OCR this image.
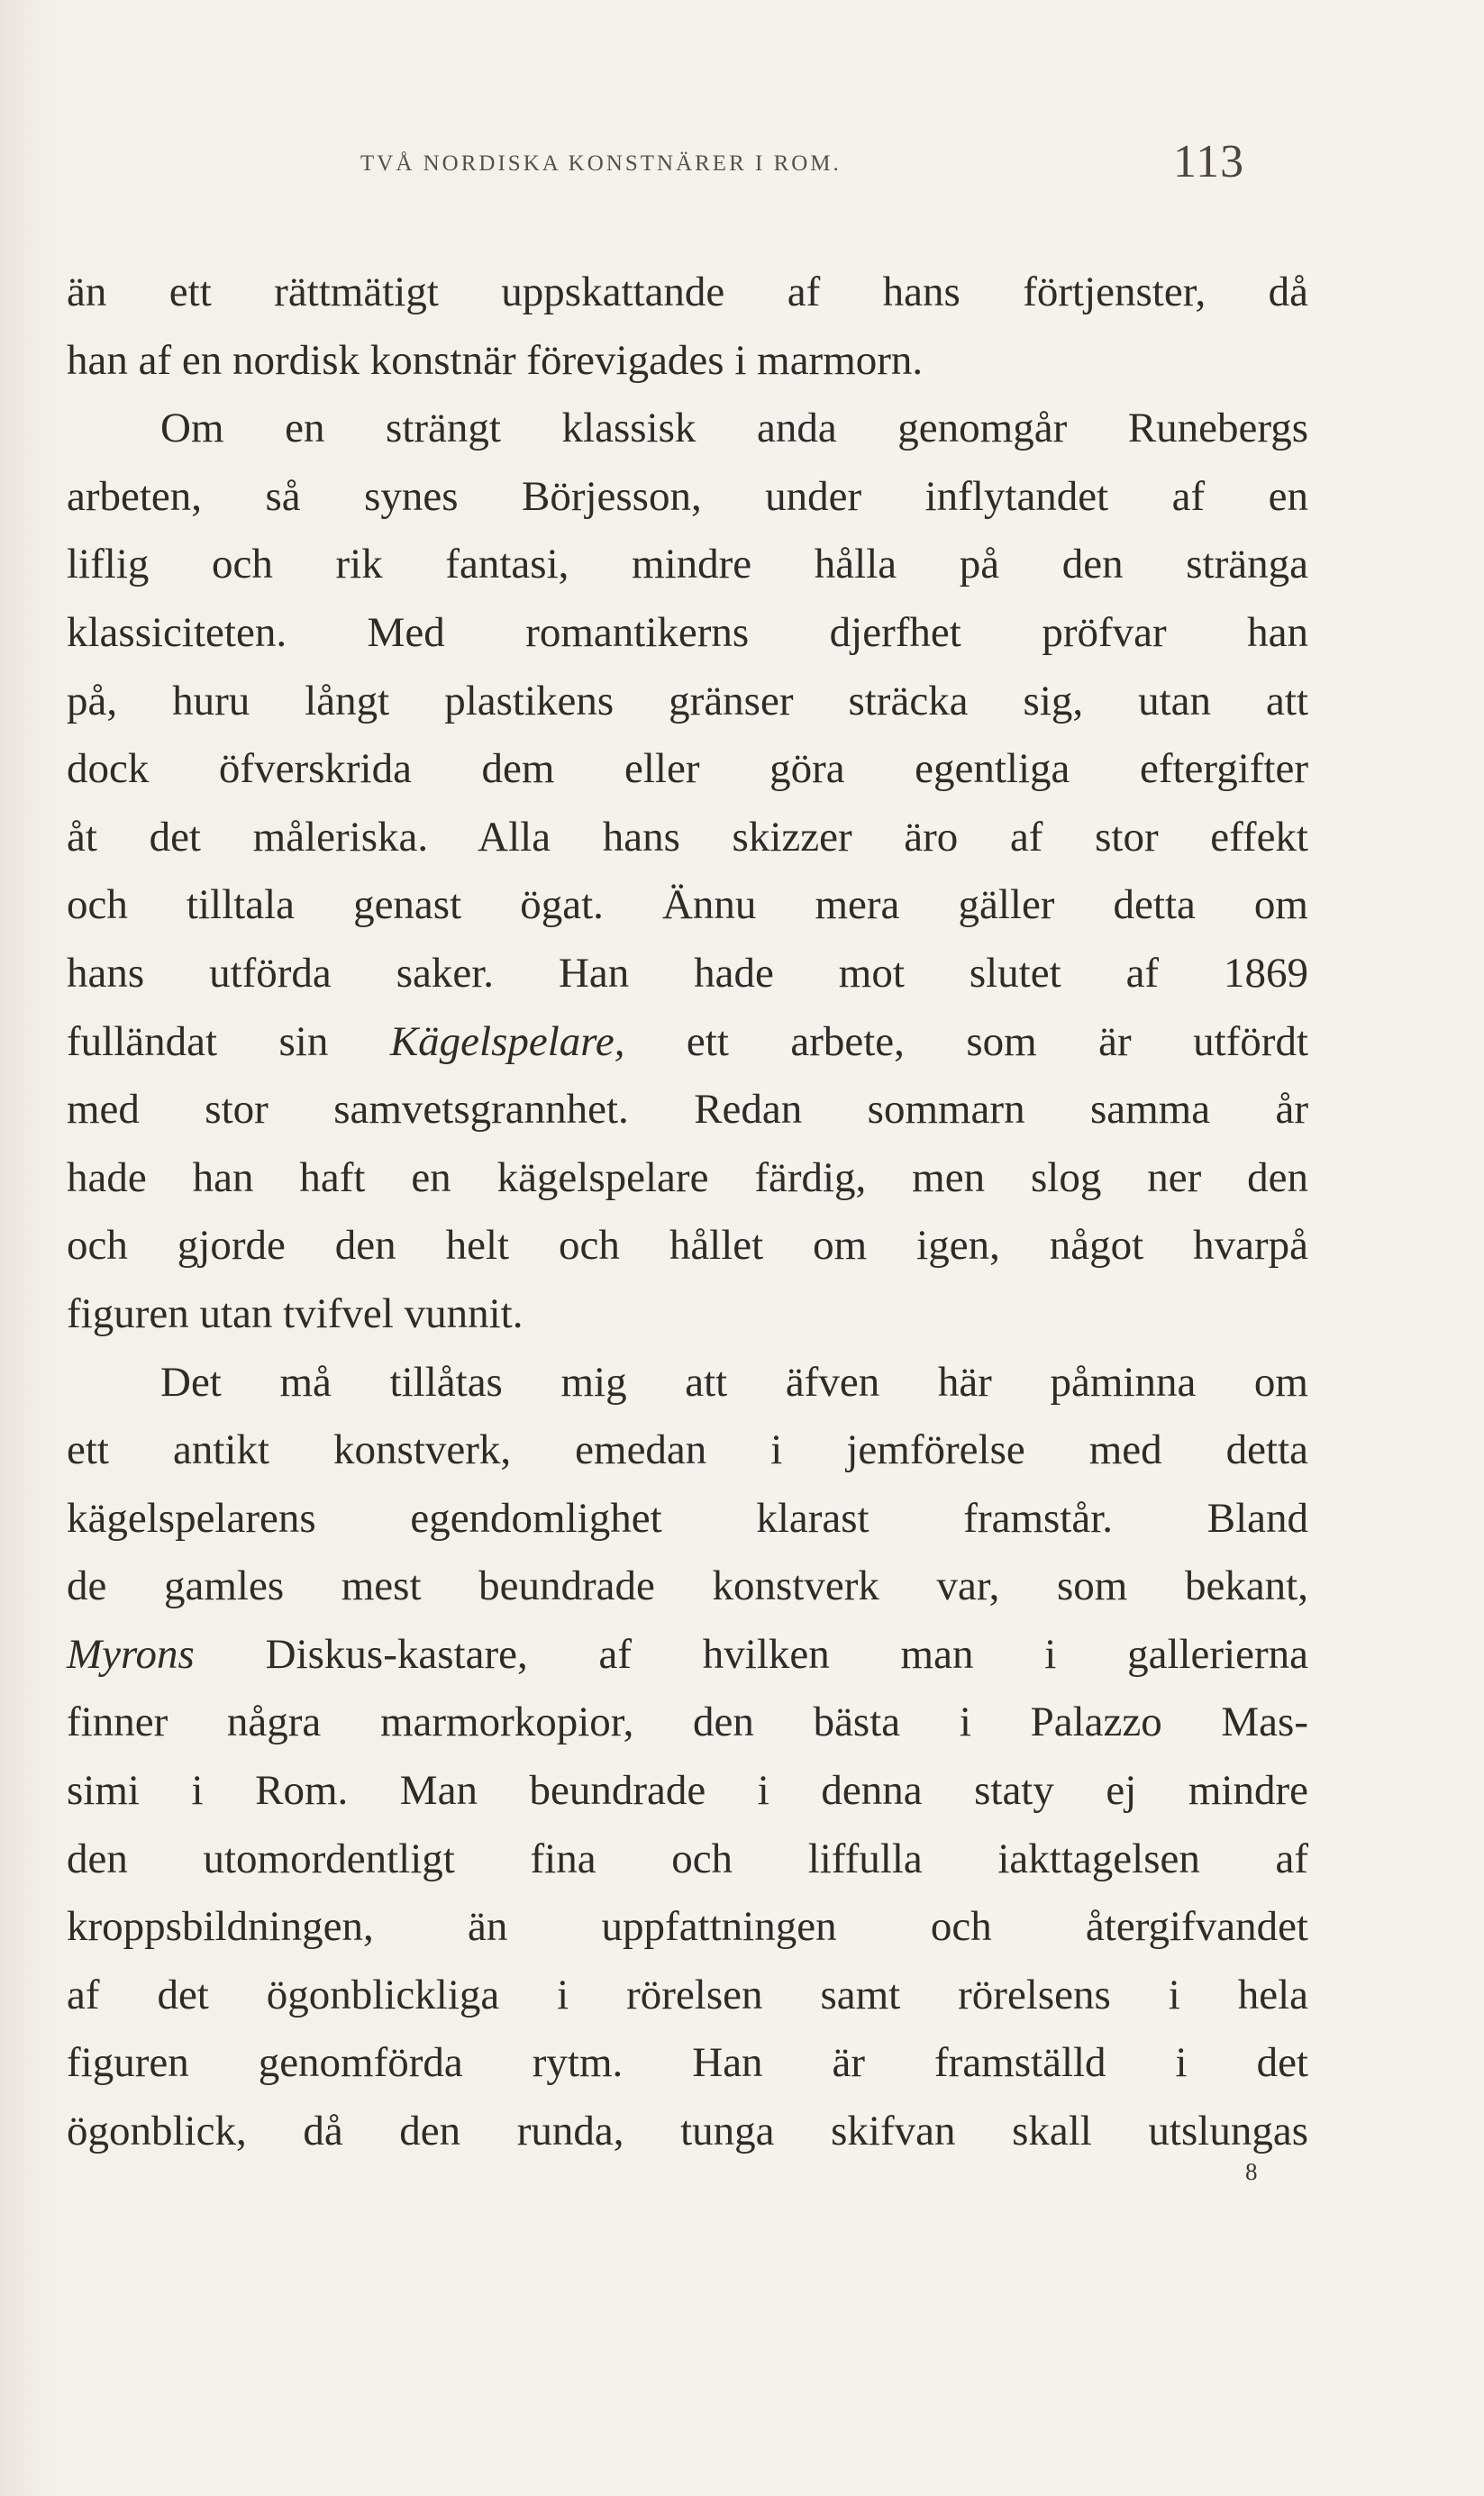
TVÅ NORDISKA KONSTNÄRER I ROM.	113
än ett rättmätigt uppskattande af hans förtjenster, då
han af en nordisk konstnär förevigades i marmorn.
Om en strängt klassisk anda genomgår Runebergs
arbeten, så synes Börjesson, under inflytandet af en
liflig och rik fantasi, mindre hålla på den stränga
klassiciteten. Med romantikerns djerfhet pröfvar han
på, huru långt plastikens gränser sträcka sig, utan att
dock öfverskrida dem eller göra egentliga eftergifter
åt det måleriska. Alla hans skizzer äro af stor effekt
och tilltala genast ögat. Ännu mera gäller detta om
hans utförda saker. Han hade mot slutet af 1869
fulländat sin Kägelspelare, ett arbete, som är utfördt
med stor samvetsgrannhet. Redan sommarn samma år
hade han haft en kägelspelare färdig, men slog ner den
och gjorde den helt och hållet om igen, något hvarpå
figuren utan tvifvel vunnit.
Det må tillåtas mig att äfven här påminna om
ett antikt konstverk, emedan i jemförelse med detta
kägelspelarens egendomlighet klarast framstår. Bland
de gamles mest beundrade konstverk var, som bekant,
Myrons Diskus-kastare, af hvilken man i gallerierna
finner några marmorkopior, den bästa i Palazzo Mas-
simi i Rom. Man beundrade i denna staty ej mindre
den utomordentligt fina och liffulla iakttagelsen af
kroppsbildningen, än uppfattningen och återgifvandet
af det ögonblickliga i rörelsen samt rörelsens i hela
figuren genomförda rytm. Han är framställd i det
ögonblick, då den runda, tunga skifvan skall utslungas
8
